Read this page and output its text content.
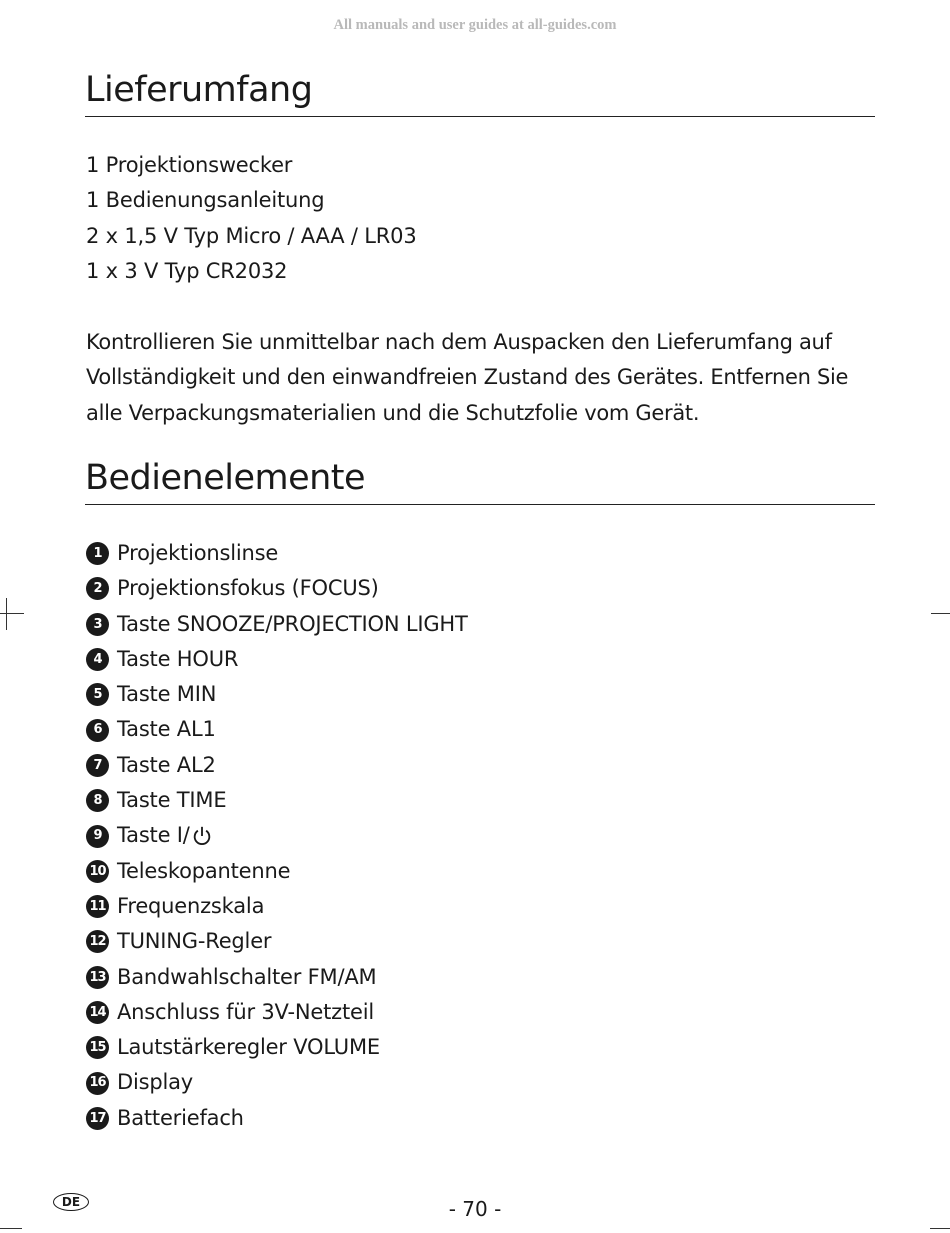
All manuals and user guides at all-guides.com
Lieferumfang
1 Projektionswecker
1 Bedienungsanleitung
2 x 1,5 V Typ Micro / AAA / LR03
1 x 3 V Typ CR2032

Kontrollieren Sie unmittelbar nach dem Auspacken den Lieferumfang auf Vollständigkeit und den einwandfreien Zustand des Gerätes. Entfernen Sie alle Verpackungsmaterialien und die Schutzfolie vom Gerät.

Bedienelemente
1 Projektionslinse
2 Projektionsfokus (FOCUS)
3 Taste SNOOZE/PROJECTION LIGHT
4 Taste HOUR
5 Taste MIN
6 Taste AL1
7 Taste AL2
8 Taste TIME
9 Taste I/
10 Teleskopantenne
11 Frequenzskala
12 TUNING-Regler
13 Bandwahlschalter FM/AM
14 Anschluss für 3V-Netzteil
15 Lautstärkeregler VOLUME
16 Display
17 Batteriefach
DE	- 70 -
